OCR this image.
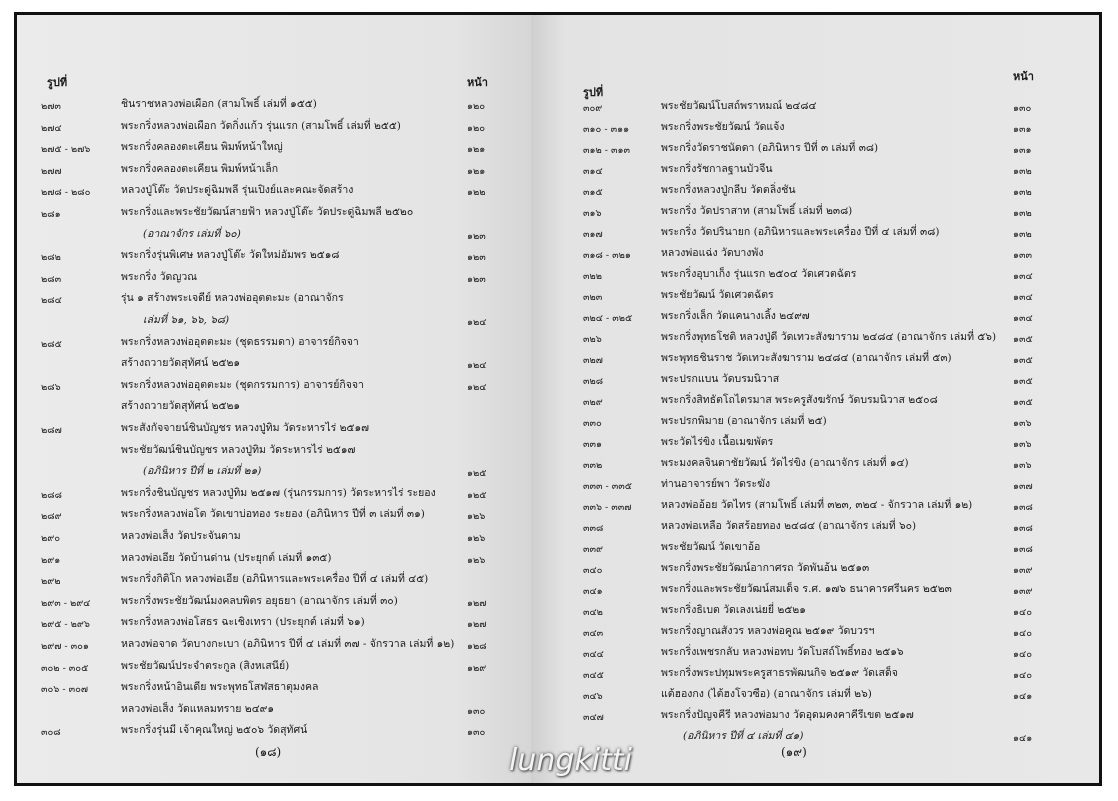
รูปที่	หน้า
๒๗๓	ชินราชหลวงพ่อเผือก (สามโพธิ์ เล่มที่ ๑๕๕)	๑๒๐
๒๗๔	พระกริ่งหลวงพ่อเผือก วัดกิ่งแก้ว รุ่นแรก (สามโพธิ์ เล่มที่ ๒๕๕)	๑๒๐
๒๗๕ - ๒๗๖	พระกริ่งคลองตะเคียน พิมพ์หน้าใหญ่	๑๒๑
๒๗๗	พระกริ่งคลองตะเคียน พิมพ์หน้าเล็ก	๑๒๑
๒๗๘ - ๒๘๐	หลวงปู่โต๊ะ วัดประดู่ฉิมพลี รุ่นเปิงย์และคณะจัดสร้าง	๑๒๒
๒๘๑	พระกริ่งและพระชัยวัฒน์สายฟ้า หลวงปู่โต๊ะ วัดประดู่ฉิมพลี ๒๕๒๐
(อาณาจักร เล่มที่ ๖๐)	๑๒๓
๒๘๒	พระกริ่งรุ่นพิเศษ หลวงปู่โต๊ะ วัดใหม่อัมพร ๒๕๑๘	๑๒๓
๒๘๓	พระกริ่ง วัดญวณ	๑๒๓
๒๘๔	รุ่น ๑ สร้างพระเจดีย์ หลวงพ่ออุตตะมะ (อาณาจักร
เล่มที่ ๖๑, ๖๖, ๖๘)	๑๒๔
๒๘๕	พระกริ่งหลวงพ่ออุตตะมะ (ชุดธรรมดา) อาจารย์กิจจา
สร้างถวายวัดสุทัศน์ ๒๕๒๑	๑๒๔
๒๘๖	พระกริ่งหลวงพ่ออุตตะมะ (ชุดกรรมการ) อาจารย์กิจจา	๑๒๔
สร้างถวายวัดสุทัศน์ ๒๕๒๑
๒๘๗	พระสังกัจจายน์ชินบัญชร หลวงปู่ทิม วัดระหารไร่ ๒๕๑๗
พระชัยวัฒน์ชินบัญชร หลวงปู่ทิม วัดระหารไร่ ๒๕๑๗
(อภินิหาร ปีที่ ๒ เล่มที่ ๒๑)	๑๒๕
๒๘๘	พระกริ่งชินบัญชร หลวงปู่ทิม ๒๕๑๗ (รุ่นกรรมการ) วัดระหารไร่ ระยอง	๑๒๕
๒๘๙	พระกริ่งหลวงพ่อโต วัดเขาบ่อทอง ระยอง (อภินิหาร ปีที่ ๓ เล่มที่ ๓๑)	๑๒๖
๒๙๐	หลวงพ่อเส็ง วัดประจันตาม	๑๒๖
๒๙๑	หลวงพ่อเอีย วัดบ้านด่าน (ประยุกต์ เล่มที่ ๑๓๕)	๑๒๖
๒๙๒	พระกริ่งกิติโก หลวงพ่อเอีย (อภินิหารและพระเครื่อง ปีที่ ๔ เล่มที่ ๔๕)
๒๙๓ - ๒๙๔	พระกริ่งพระชัยวัฒน์มงคลบพิตร อยุธยา (อาณาจักร เล่มที่ ๓๐)	๑๒๗
๒๙๕ - ๒๙๖	พระกริ่งหลวงพ่อโสธร ฉะเชิงเทรา (ประยุกต์ เล่มที่ ๖๑)	๑๒๗
๒๙๗ - ๓๐๑	หลวงพ่อจาด วัดบางกะเบา (อภินิหาร ปีที่ ๔ เล่มที่ ๓๗ - จักรวาล เล่มที่ ๑๒) ๑๒๘
๓๐๒ - ๓๐๕	พระชัยวัฒน์ประจำตระกูล (สิงหเสนีย์)	๑๒๙
๓๐๖ - ๓๐๗	พระกริ่งหน้าอินเดีย พระพุทธโสฬสธาตุมงคล
หลวงพ่อเส็ง วัดแหลมทราย ๒๔๙๑	๑๓๐
๓๐๘	พระกริ่งรุ่นมี เจ้าคุณใหญ่ ๒๕๐๖ วัดสุทัศน์	๑๓๐
(๑๘)
รูปที่
หน้า
๓๐๙	พระชัยวัฒน์โบสถ์พราหมณ์ ๒๔๘๔	๑๓๐
๓๑๐ - ๓๑๑	พระกริ่งพระชัยวัฒน์ วัดแจ้ง	๑๓๑
๓๑๒ - ๓๑๓	พระกริ่งวัดราชนัดดา (อภินิหาร ปีที่ ๓ เล่มที่ ๓๘)	๑๓๑
๓๑๔	พระกริ่งรัชกาลฐานบัวจีน	๑๓๒
๓๑๕	พระกริ่งหลวงปู่กลีบ วัดตลิ่งชัน	๑๓๒
๓๑๖	พระกริ่ง วัดปราสาท (สามโพธิ์ เล่มที่ ๒๓๘)	๑๓๒
๓๑๗	พระกริ่ง วัดปรินายก (อภินิหารและพระเครื่อง ปีที่ ๔ เล่มที่ ๓๘)	๑๓๒
๓๑๘ - ๓๒๑	หลวงพ่อแฉ่ง วัดบางพัง	๑๓๓
๓๒๒	พระกริ่งอุบาเก็ง รุ่นแรก ๒๕๐๔ วัดเศวตฉัตร	๑๓๔
๓๒๓	พระชัยวัฒน์ วัดเศวตฉัตร	๑๓๔
๓๒๔ - ๓๒๕	พระกริ่งเล็ก วัดแคนางเลิ้ง ๒๔๙๗	๑๓๔
๓๒๖	พระกริ่งพุทธโชติ หลวงปู่ดี วัดเทวะสังฆาราม ๒๔๘๔ (อาณาจักร เล่มที่ ๕๖) ๑๓๕
๓๒๗	พระพุทธชินราช วัดเทวะสังฆาราม ๒๔๘๔ (อาณาจักร เล่มที่ ๕๓)	๑๓๕
๓๒๘	พระปรกแบน วัดบรมนิวาส	๑๓๕
๓๒๙	พระกริ่งสิทธัตโถไตรมาส พระครูสังฆรักษ์ วัดบรมนิวาส ๒๕๐๘	๑๓๕
๓๓๐	พระปรกพิมาย (อาณาจักร เล่มที่ ๒๕)	๑๓๖
๓๓๑	พระวัดไร่ขิง เนื้อเมฆพัตร	๑๓๖
๓๓๒	พระมงคลจินดาชัยวัฒน์ วัดไร่ขิง (อาณาจักร เล่มที่ ๑๔)	๑๓๖
๓๓๓ - ๓๓๕	ท่านอาจารย์พา วัดระฆัง	๑๓๗
๓๓๖ - ๓๓๗	หลวงพ่ออ้อย วัดไทร (สามโพธิ์ เล่มที่ ๓๒๓, ๓๒๔ - จักรวาล เล่มที่ ๑๒)	๑๓๘
๓๓๘	หลวงพ่อเหลือ วัดสร้อยทอง ๒๔๘๔ (อาณาจักร เล่มที่ ๖๐)	๑๓๘
๓๓๙	พระชัยวัฒน์ วัดเขาอ้อ	๑๓๘
๓๔๐	พระกริ่งพระชัยวัฒน์อากาศรถ วัดพันอ้น ๒๕๑๓	๑๓๙
๓๔๑	พระกริ่งและพระชัยวัฒน์สมเด็จ ร.ศ. ๑๗๖ ธนาคารศรีนคร ๒๕๒๓	๑๓๙
๓๔๒	พระกริ่งธิเบต วัดเลงเน่ยยี่ ๒๕๒๑	๑๔๐
๓๔๓	พระกริ่งญาณสังวร หลวงพ่อคูณ ๒๕๑๙ วัดบวรฯ	๑๔๐
๓๔๔	พระกริ่งเพชรกลับ หลวงพ่อทบ วัดโบสถ์โพธิ์ทอง ๒๕๑๖	๑๔๐
๓๔๕	พระกริ่งพระปทุมพระครูสาธรพัฒนกิจ ๒๕๑๙ วัดเสด็จ	๑๔๐
๓๔๖	แต้ฮองกง (ไต้ฮงโจวซือ) (อาณาจักร เล่มที่ ๒๖)	๑๔๑
๓๔๗	พระกริ่งปัญจคีรี หลวงพ่อมาง วัดอุดมคงคาคีรีเขต ๒๕๑๗
(อภินิหาร ปีที่ ๔ เล่มที่ ๔๑)	๑๔๑
(๑๙)
lungkitti
